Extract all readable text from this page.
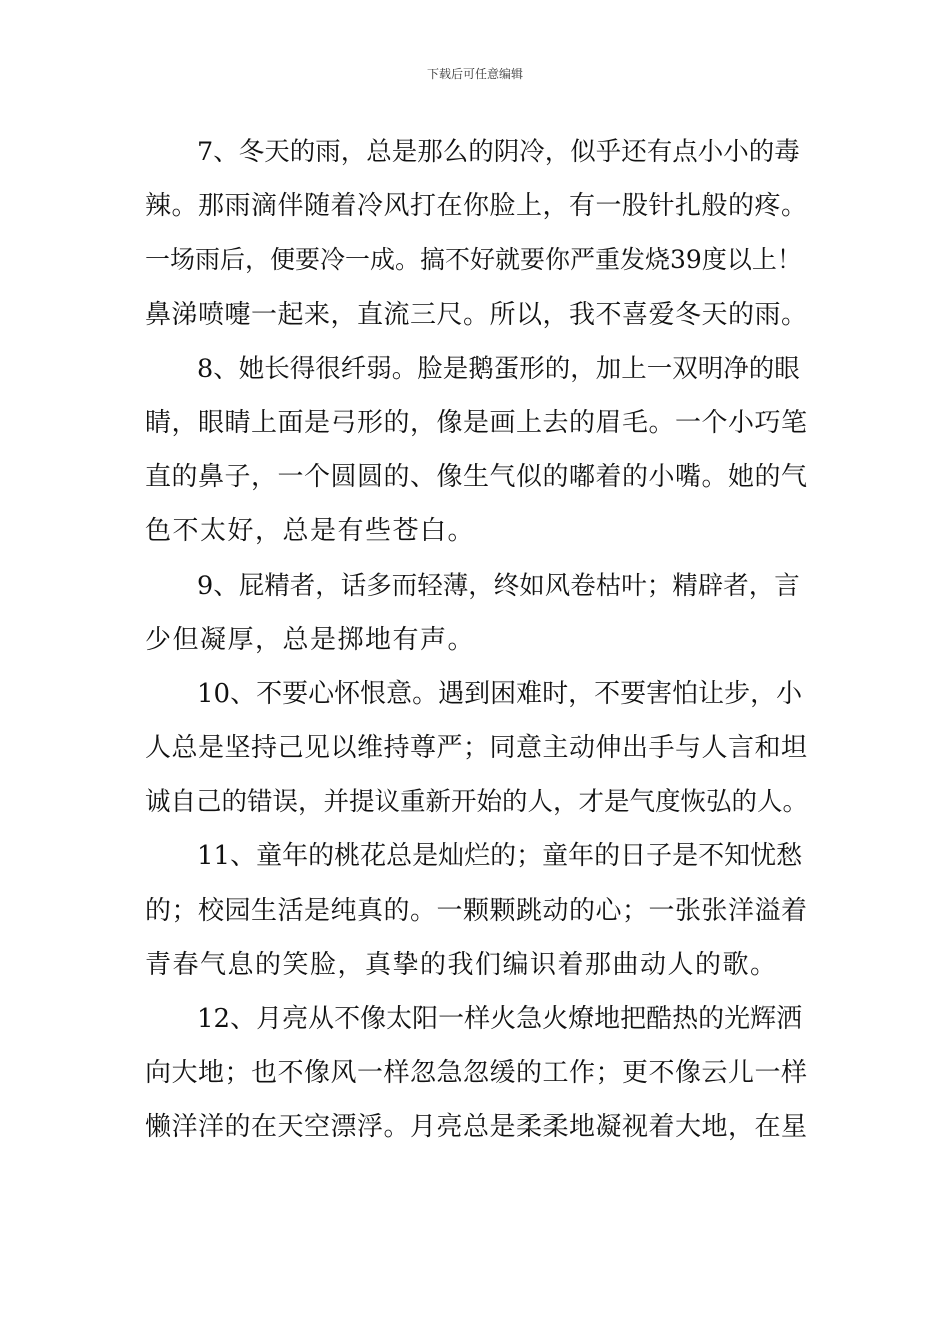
下载后可任意编辑
7、冬天的雨，总是那么的阴冷，似乎还有点小小的毒
辣。那雨滴伴随着冷风打在你脸上，有一股针扎般的疼。
一场雨后，便要冷一成。搞不好就要你严重发烧39度以上！
鼻涕喷嚏一起来，直流三尺。所以，我不喜爱冬天的雨。
8、她长得很纤弱。脸是鹅蛋形的，加上一双明净的眼
睛，眼睛上面是弓形的，像是画上去的眉毛。一个小巧笔
直的鼻子，一个圆圆的、像生气似的嘟着的小嘴。她的气
色不太好，总是有些苍白。
9、屁精者，话多而轻薄，终如风卷枯叶；精辟者，言
少但凝厚，总是掷地有声。
10、不要心怀恨意。遇到困难时，不要害怕让步，小
人总是坚持己见以维持尊严；同意主动伸出手与人言和坦
诚自己的错误，并提议重新开始的人，才是气度恢弘的人。
11、童年的桃花总是灿烂的；童年的日子是不知忧愁
的；校园生活是纯真的。一颗颗跳动的心；一张张洋溢着
青春气息的笑脸，真挚的我们编识着那曲动人的歌。
12、月亮从不像太阳一样火急火燎地把酷热的光辉洒
向大地；也不像风一样忽急忽缓的工作；更不像云儿一样
懒洋洋的在天空漂浮。月亮总是柔柔地凝视着大地，在星
